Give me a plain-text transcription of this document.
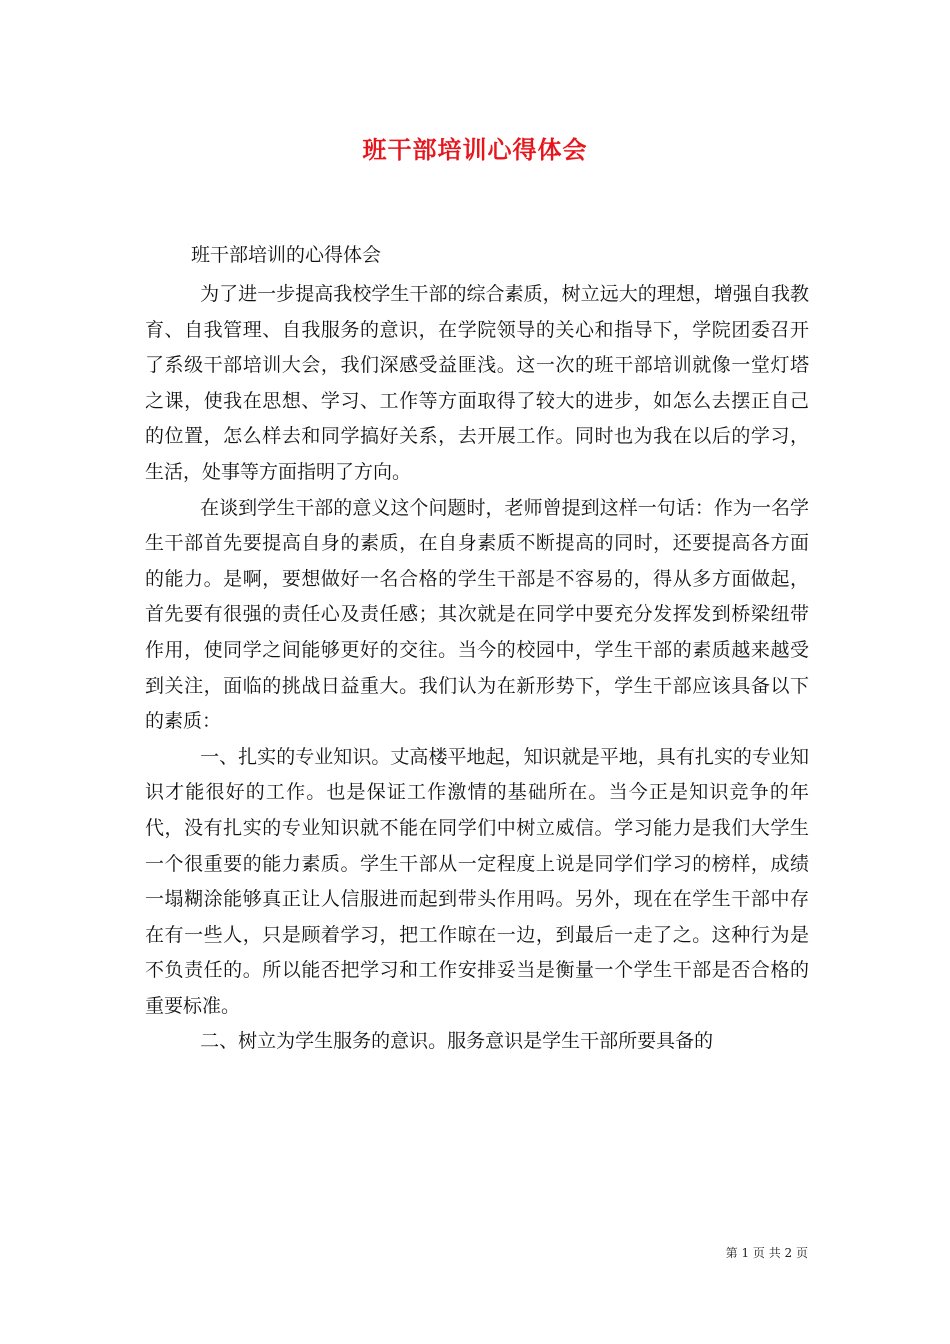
班干部培训心得体会
班干部培训的心得体会

为了进一步提高我校学生干部的综合素质，树立远大的理想，增强自我教育、自我管理、自我服务的意识，在学院领导的关心和指导下，学院团委召开了系级干部培训大会，我们深感受益匪浅。这一次的班干部培训就像一堂灯塔之课，使我在思想、学习、工作等方面取得了较大的进步，如怎么去摆正自己的位置，怎么样去和同学搞好关系，去开展工作。同时也为我在以后的学习，生活，处事等方面指明了方向。

在谈到学生干部的意义这个问题时，老师曾提到这样一句话：作为一名学生干部首先要提高自身的素质，在自身素质不断提高的同时，还要提高各方面的能力。是啊，要想做好一名合格的学生干部是不容易的，得从多方面做起，首先要有很强的责任心及责任感；其次就是在同学中要充分发挥发到桥梁纽带作用，使同学之间能够更好的交往。当今的校园中，学生干部的素质越来越受到关注，面临的挑战日益重大。我们认为在新形势下，学生干部应该具备以下的素质：

一、扎实的专业知识。丈高楼平地起，知识就是平地，具有扎实的专业知识才能很好的工作。也是保证工作激情的基础所在。当今正是知识竞争的年代，没有扎实的专业知识就不能在同学们中树立威信。学习能力是我们大学生一个很重要的能力素质。学生干部从一定程度上说是同学们学习的榜样，成绩一塌糊涂能够真正让人信服进而起到带头作用吗。另外，现在在学生干部中存在有一些人，只是顾着学习，把工作晾在一边，到最后一走了之。这种行为是不负责任的。所以能否把学习和工作安排妥当是衡量一个学生干部是否合格的重要标准。

二、树立为学生服务的意识。服务意识是学生干部所要具备的

第 1 页 共 2 页
